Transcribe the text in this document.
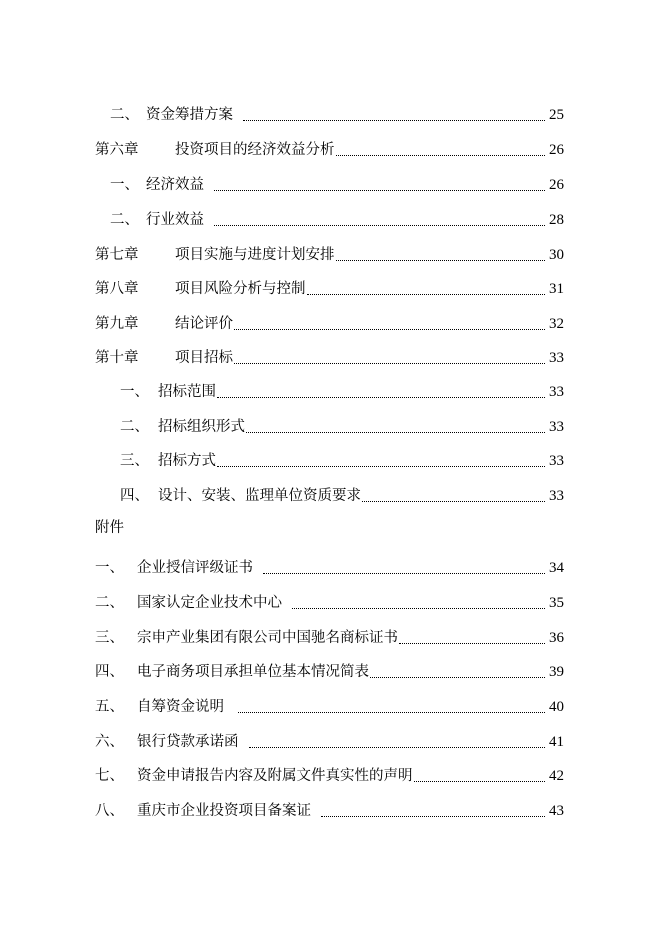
二、 资金筹措方案	25
第六章	投资项目的经济效益分析	26
一、 经济效益	26
二、 行业效益	28
第七章	项目实施与进度计划安排	30
第八章	项目风险分析与控制	31
第九章	结论评价	32
第十章	项目招标	33
一、 招标范围	33
二、 招标组织形式	33
三、 招标方式	33
四、 设计、安装、监理单位资质要求	33
附件
一、 企业授信评级证书	34
二、 国家认定企业技术中心	35
三、 宗申产业集团有限公司中国驰名商标证书	36
四、 电子商务项目承担单位基本情况简表	39
五、 自筹资金说明	40
六、 银行贷款承诺函	41
七、 资金申请报告内容及附属文件真实性的声明	42
八、 重庆市企业投资项目备案证	43
